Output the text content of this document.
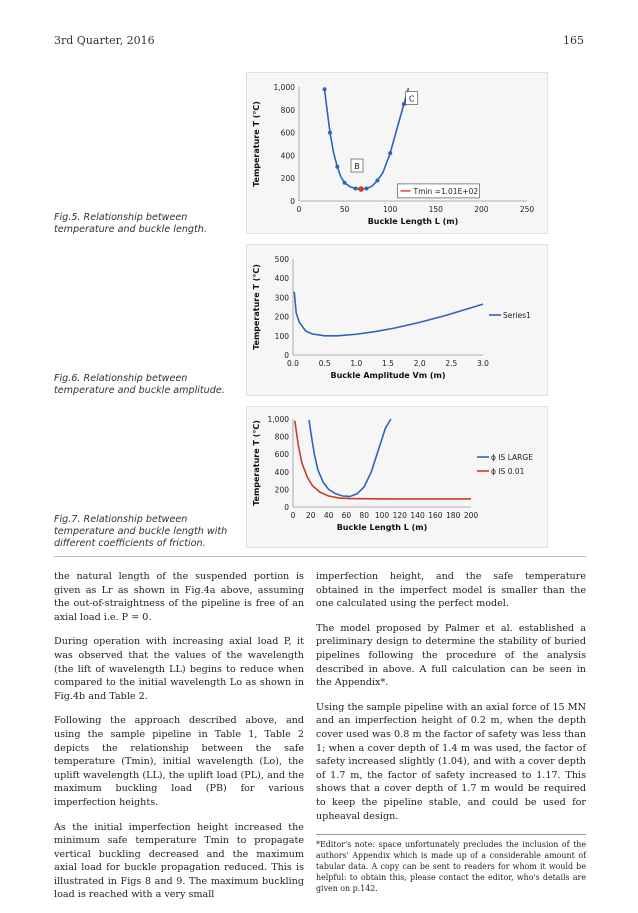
3rd Quarter, 2016	165
0	50	100	150	200	250
0
200
400
600
800
1,000
Buckle Length L (m)
Temperature T (°C)	B
C
Tmin =1.01E+02
Fig.5. Relationship between temperature and buckle length.
0.0	0.5	1.0	1.5	2.0	2.5	3.0
0
100
200
300
400
500
Buckle Amplitude Vm (m)
Temperature T (°C)	Series1
Fig.6. Relationship between temperature and buckle amplitude.
0 20 40 60 80 100 120 140 160 180 200
0
200
400
600
800
1,000
Buckle Length L (m)
Temperature T (°C)	ϕ IS LARGE
ϕ IS 0.01
Fig.7. Relationship between temperature and buckle length with different coefficients of friction.

the natural length of the suspended portion is given as Lr as shown in Fig.4a above, assuming the out-of-straightness of the pipeline is free of an axial load i.e. P = 0.

During operation with increasing axial load P, it was observed that the values of the wavelength (the lift of wavelength LL) begins to reduce when compared to the initial wavelength Lo as shown in Fig.4b and Table 2.

Following the approach described above, and using the sample pipeline in Table 1, Table 2 depicts the relationship between the safe temperature (Tmin), initial wavelength (Lo), the uplift wavelength (LL), the uplift load (PL), and the maximum buckling load (PB) for various imperfection heights.

As the initial imperfection height increased the minimum safe temperature Tmin to propagate vertical buckling decreased and the maximum axial load for buckle propagation reduced. This is illustrated in Figs 8 and 9. The maximum buckling load is reached with a very small

imperfection height, and the safe temperature obtained in the imperfect model is smaller than the one calculated using the perfect model.

The model proposed by Palmer et al. established a preliminary design to determine the stability of buried pipelines following the procedure of the analysis described in above. A full calculation can be seen in the Appendix*.

Using the sample pipeline with an axial force of 15 MN and an imperfection height of 0.2 m, when the depth cover used was 0.8 m the factor of safety was less than 1; when a cover depth of 1.4 m was used, the factor of safety increased slightly (1.04), and with a cover depth of 1.7 m, the factor of safety increased to 1.17. This shows that a cover depth of 1.7 m would be required to keep the pipeline stable, and could be used for upheaval design.

*Editor's note: space unfortunately precludes the inclusion of the authors' Appendix which is made up of a considerable amount of tabular data. A copy can be sent to readers for whom it would be helpful: to obtain this, please contact the editor, who's details are given on p.142.
